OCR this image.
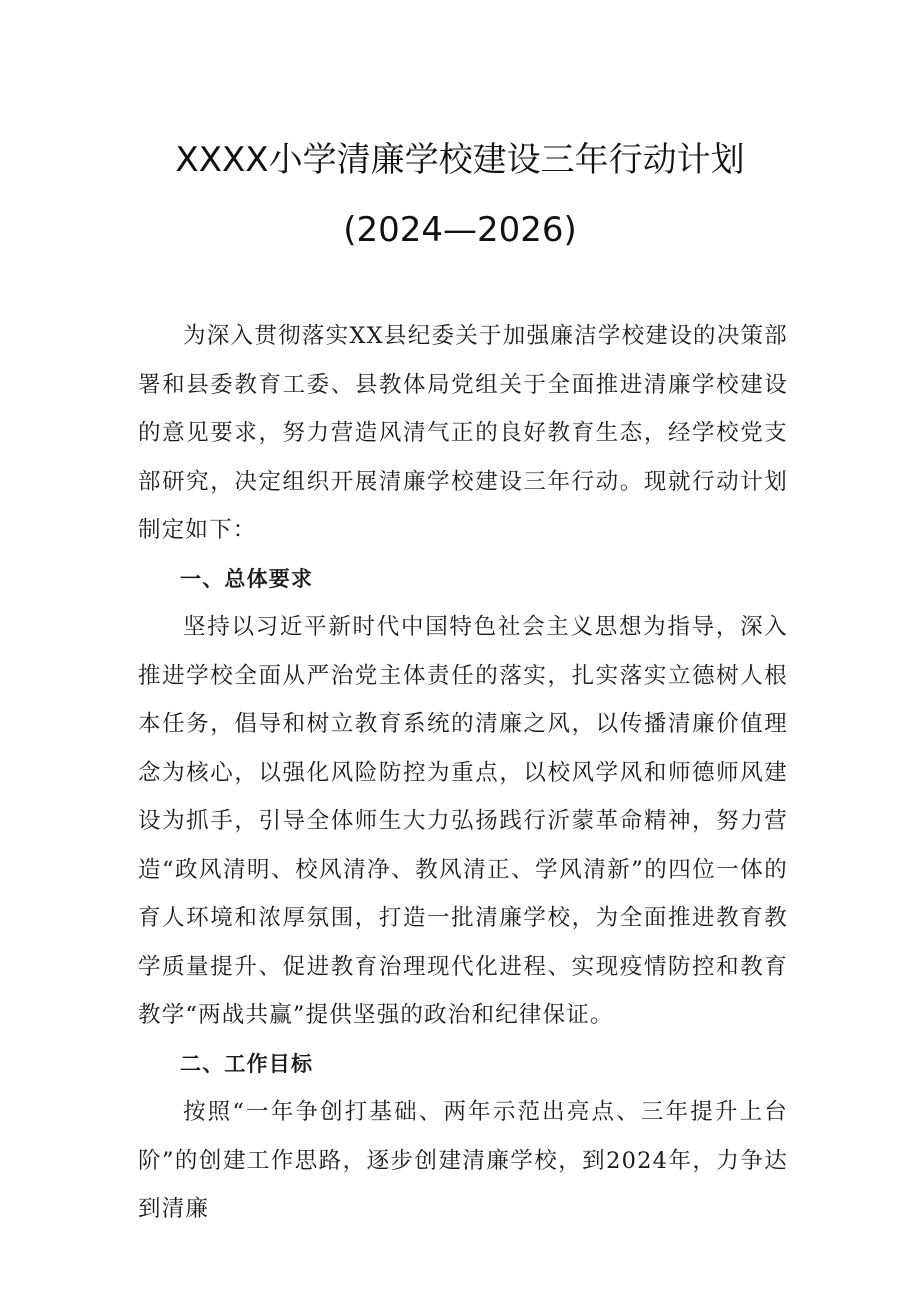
XXXX小学清廉学校建设三年行动计划
(2024—2026)

为深入贯彻落实XX县纪委关于加强廉洁学校建设的决策部署和县委教育工委、县教体局党组关于全面推进清廉学校建设的意见要求，努力营造风清气正的良好教育生态，经学校党支部研究，决定组织开展清廉学校建设三年行动。现就行动计划制定如下：

一、总体要求

坚持以习近平新时代中国特色社会主义思想为指导，深入推进学校全面从严治党主体责任的落实，扎实落实立德树人根本任务，倡导和树立教育系统的清廉之风，以传播清廉价值理念为核心，以强化风险防控为重点，以校风学风和师德师风建设为抓手，引导全体师生大力弘扬践行沂蒙革命精神，努力营造“政风清明、校风清净、教风清正、学风清新”的四位一体的育人环境和浓厚氛围，打造一批清廉学校，为全面推进教育教学质量提升、促进教育治理现代化进程、实现疫情防控和教育教学“两战共赢”提供坚强的政治和纪律保证。

二、工作目标

按照“一年争创打基础、两年示范出亮点、三年提升上台阶”的创建工作思路，逐步创建清廉学校，到2024年，力争达到清廉
